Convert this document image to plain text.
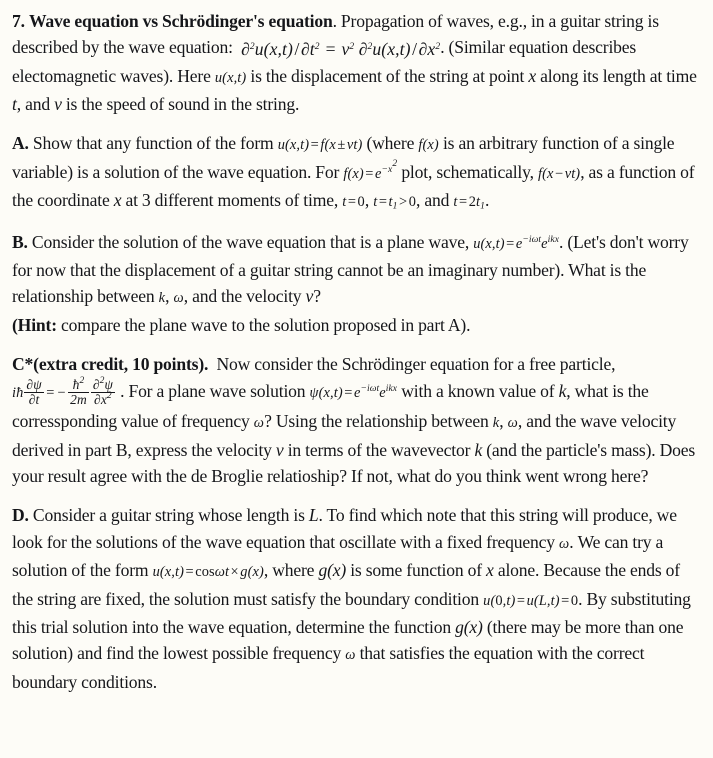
7. Wave equation vs Schrödinger's equation. Propagation of waves, e.g., in a guitar string is described by the wave equation: $\partial^2u(x,t)/\partial t^2 = v^2$ $\partial^2u(x,t)/\partial x^2$. (Similar equation describes electomagnetic waves). Here u(x,t) is the displacement of the string at point x along its length at time t, and v is the speed of sound in the string.

A. Show that any function of the form u(x,t) = f(x ± vt) (where f(x) is an arbitrary function of a single variable) is a solution of the wave equation. For $f(x) = e^{-x^2}$ plot, schematically, f(x − vt), as a function of the coordinate x at 3 different moments of time, t = 0, $t = t_1 > 0$, and $t = 2t_1$.

B. Consider the solution of the wave equation that is a plane wave, $u(x,t) = e^{-i\omega t}e^{ikx}$. (Let's don't worry for now that the displacement of a guitar string cannot be an imaginary number). What is the relationship between k, ω, and the velocity v?
(Hint: compare the plane wave to the solution proposed in part A).

C*(extra credit, 10 points). Now consider the Schrödinger equation for a free particle, iħ $\frac{\partial\psi}{\partial t}$ = − $\frac{ħ^2}{2m} \frac{\partial^2\psi}{\partial x^2}$ . For a plane wave solution $\psi(x,t) = e^{-i\omega t}e^{ikx}$ with a known value of k, what is the corressponding value of frequency ω? Using the relationship between k, ω, and the wave velocity derived in part B, express the velocity v in terms of the wavevector k (and the particle's mass). Does your result agree with the de Broglie relatioship? If not, what do you think went wrong here?

D. Consider a guitar string whose length is L. To find which note that this string will produce, we look for the solutions of the wave equation that oscillate with a fixed frequency ω. We can try a solution of the form u(x,t) = cosωt × g(x), where g(x) is some function of x alone. Because the ends of the string are fixed, the solution must satisfy the boundary condition u(0,t) = u(L,t) = 0. By substituting this trial solution into the wave equation, determine the function g(x) (there may be more than one solution) and find the lowest possible frequency ω that satisfies the equation with the correct boundary conditions.
